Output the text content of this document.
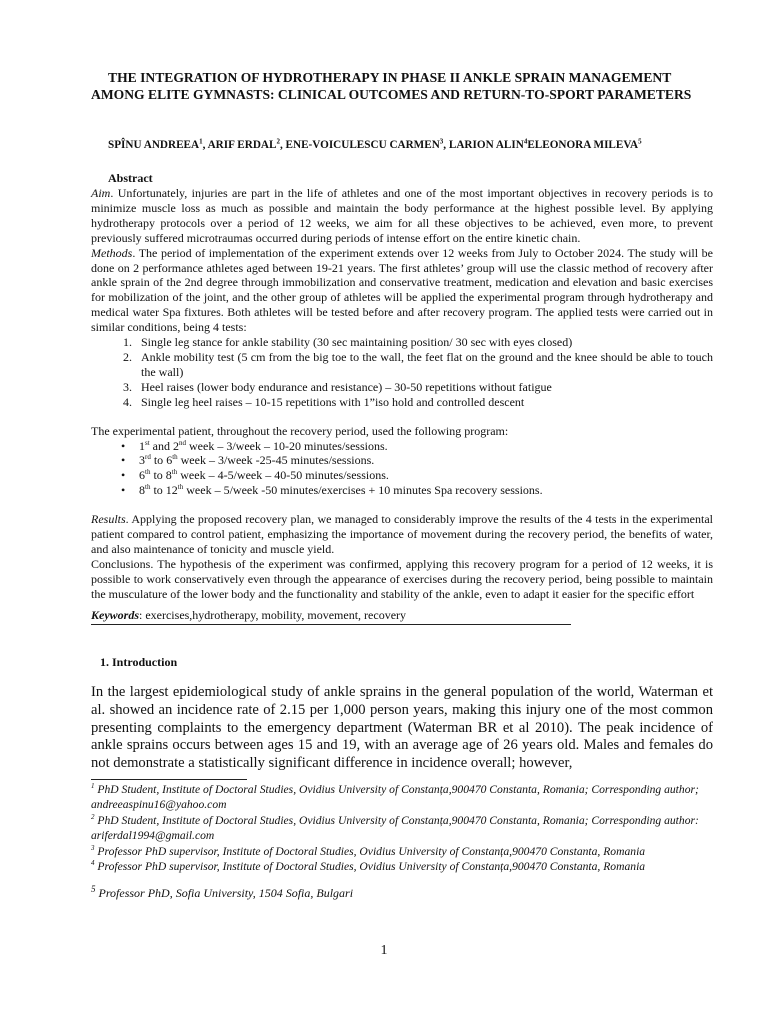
THE INTEGRATION OF HYDROTHERAPY IN PHASE II ANKLE SPRAIN MANAGEMENT AMONG ELITE GYMNASTS: CLINICAL OUTCOMES AND RETURN-TO-SPORT PARAMETERS
SPÎNU ANDREEA$^1$, ARIF ERDAL$^2$, ENE-VOICULESCU CARMEN$^3$, LARION ALIN$^4$ELEONORA MILEVA$^5$
Abstract

Aim. Unfortunately, injuries are part in the life of athletes and one of the most important objectives in recovery periods is to minimize muscle loss as much as possible and maintain the body performance at the highest possible level. By applying hydrotherapy protocols over a period of 12 weeks, we aim for all these objectives to be achieved, even more, to prevent previously suffered microtraumas occurred during periods of intense effort on the entire kinetic chain.

Methods. The period of implementation of the experiment extends over 12 weeks from July to October 2024. The study will be done on 2 performance athletes aged between 19-21 years. The first athletes’ group will use the classic method of recovery after ankle sprain of the 2nd degree through immobilization and conservative treatment, medication and elevation and basic exercises for mobilization of the joint, and the other group of athletes will be applied the experimental program through hydrotherapy and medical water Spa fixtures. Both athletes will be tested before and after recovery program. The applied tests were carried out in similar conditions, being 4 tests:

1. Single leg stance for ankle stability (30 sec maintaining position/ 30 sec with eyes closed)
2. Ankle mobility test (5 cm from the big toe to the wall, the feet flat on the ground and the knee should be able to touch the wall)
3. Heel raises (lower body endurance and resistance) – 30-50 repetitions without fatigue
4. Single leg heel raises – 10-15 repetitions with 1”iso hold and controlled descent

The experimental patient, throughout the recovery period, used the following program:

• 1st and 2nd week – 3/week – 10-20 minutes/sessions.
• 3rd to 6th week – 3/week -25-45 minutes/sessions.
• 6th to 8th week – 4-5/week – 40-50 minutes/sessions.
• 8th to 12th week – 5/week -50 minutes/exercises + 10 minutes Spa recovery sessions.

Results. Applying the proposed recovery plan, we managed to considerably improve the results of the 4 tests in the experimental patient compared to control patient, emphasizing the importance of movement during the recovery period, the benefits of water, and also maintenance of tonicity and muscle yield.

Conclusions. The hypothesis of the experiment was confirmed, applying this recovery program for a period of 12 weeks, it is possible to work conservatively even through the appearance of exercises during the recovery period, being possible to maintain the musculature of the lower body and the functionality and stability of the ankle, even to adapt it easier for the specific effort

Keywords: exercises,hydrotherapy, mobility, movement, recovery
1. Introduction
In the largest epidemiological study of ankle sprains in the general population of the world, Waterman et al. showed an incidence rate of 2.15 per 1,000 person years, making this injury one of the most common presenting complaints to the emergency department (Waterman BR et al 2010). The peak incidence of ankle sprains occurs between ages 15 and 19, with an average age of 26 years old. Males and females do not demonstrate a statistically significant difference in incidence overall; however,

$^1$ PhD Student, Institute of Doctoral Studies, Ovidius University of Constanța,900470 Constanta, Romania; Corresponding author; andreeaspinu16@yahoo.com

$^2$ PhD Student, Institute of Doctoral Studies, Ovidius University of Constanța,900470 Constanta, Romania; Corresponding author: ariferdal1994@gmail.com

$^3$ Professor PhD supervisor, Institute of Doctoral Studies, Ovidius University of Constanța,900470 Constanta, Romania

$^4$ Professor PhD supervisor, Institute of Doctoral Studies, Ovidius University of Constanța,900470 Constanta, Romania

$^5$ Professor PhD, Sofia University, 1504 Sofia, Bulgari

1
